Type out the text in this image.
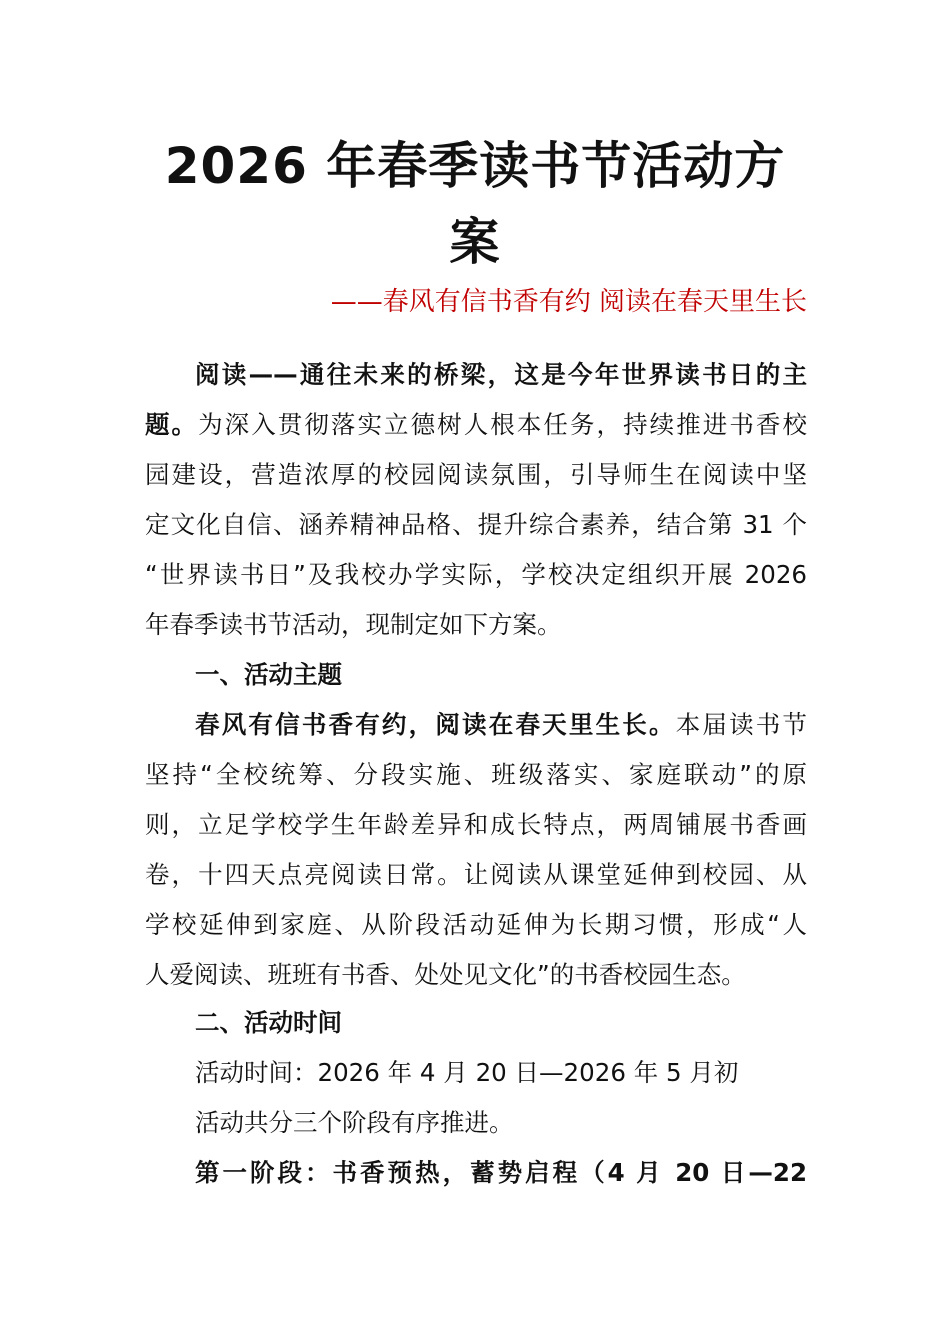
2026 年春季读书节活动方
案
——春风有信书香有约 阅读在春天里生长
阅读——通往未来的桥梁，这是今年世界读书日的主
题。为深入贯彻落实立德树人根本任务，持续推进书香校
园建设，营造浓厚的校园阅读氛围，引导师生在阅读中坚
定文化自信、涵养精神品格、提升综合素养，结合第 31 个
“世界读书日”及我校办学实际，学校决定组织开展 2026
年春季读书节活动，现制定如下方案。
一、活动主题
春风有信书香有约，阅读在春天里生长。本届读书节
坚持“全校统筹、分段实施、班级落实、家庭联动”的原
则，立足学校学生年龄差异和成长特点，两周铺展书香画
卷，十四天点亮阅读日常。让阅读从课堂延伸到校园、从
学校延伸到家庭、从阶段活动延伸为长期习惯，形成“人
人爱阅读、班班有书香、处处见文化”的书香校园生态。
二、活动时间
活动时间：2026 年 4 月 20 日—2026 年 5 月初
活动共分三个阶段有序推进。
第一阶段：书香预热，蓄势启程（4 月 20 日—22
